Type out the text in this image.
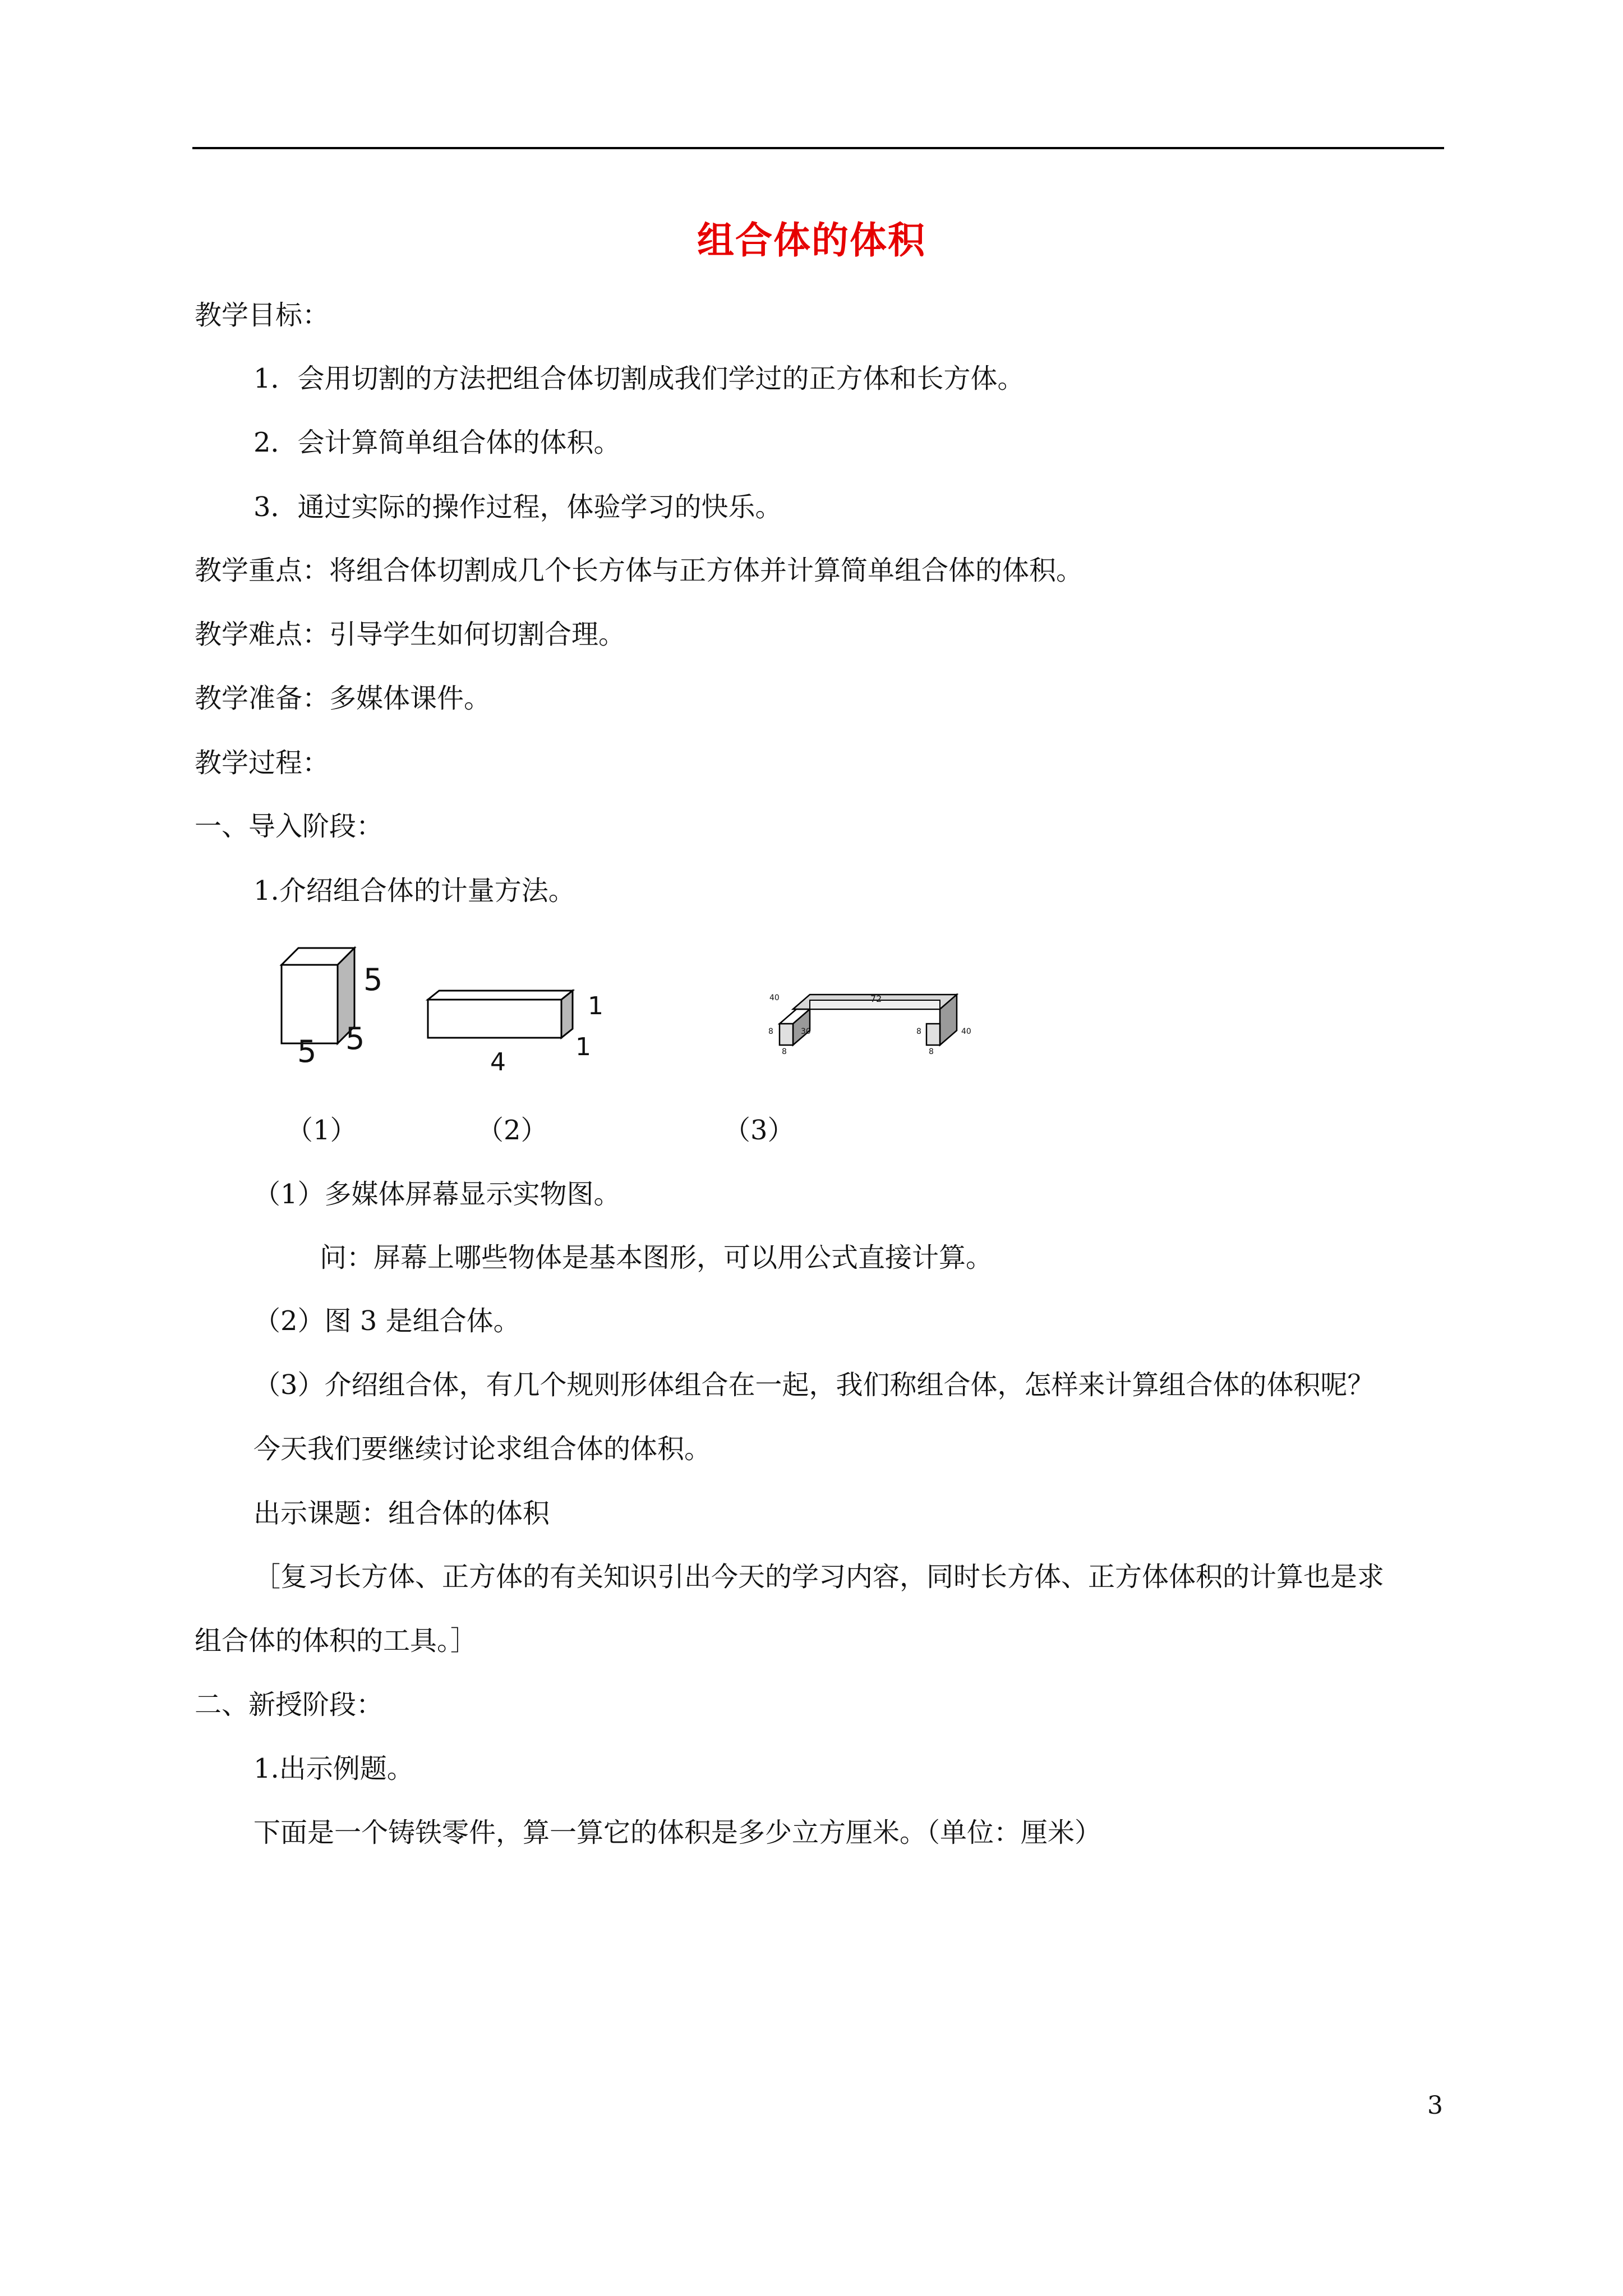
组合体的体积
教学目标：
1．会用切割的方法把组合体切割成我们学过的正方体和长方体。
2．会计算简单组合体的体积。
3．通过实际的操作过程，体验学习的快乐。
教学重点：将组合体切割成几个长方体与正方体并计算简单组合体的体积。
教学难点：引导学生如何切割合理。
教学准备：多媒体课件。
教学过程：
一、导入阶段：
1.介绍组合体的计量方法。
5
5 5
1
1
4
72
40
8	30
8
8	40
8
（1）	（2）	（3）
（1）多媒体屏幕显示实物图。
问：屏幕上哪些物体是基本图形，可以用公式直接计算。
（2）图 3 是组合体。
（3）介绍组合体，有几个规则形体组合在一起，我们称组合体，怎样来计算组合体的体积呢？
今天我们要继续讨论求组合体的体积。
出示课题：组合体的体积
［复习长方体、正方体的有关知识引出今天的学习内容，同时长方体、正方体体积的计算也是求
组合体的体积的工具。］
二、新授阶段：
1.出示例题。
下面是一个铸铁零件，算一算它的体积是多少立方厘米。（单位：厘米）
3
